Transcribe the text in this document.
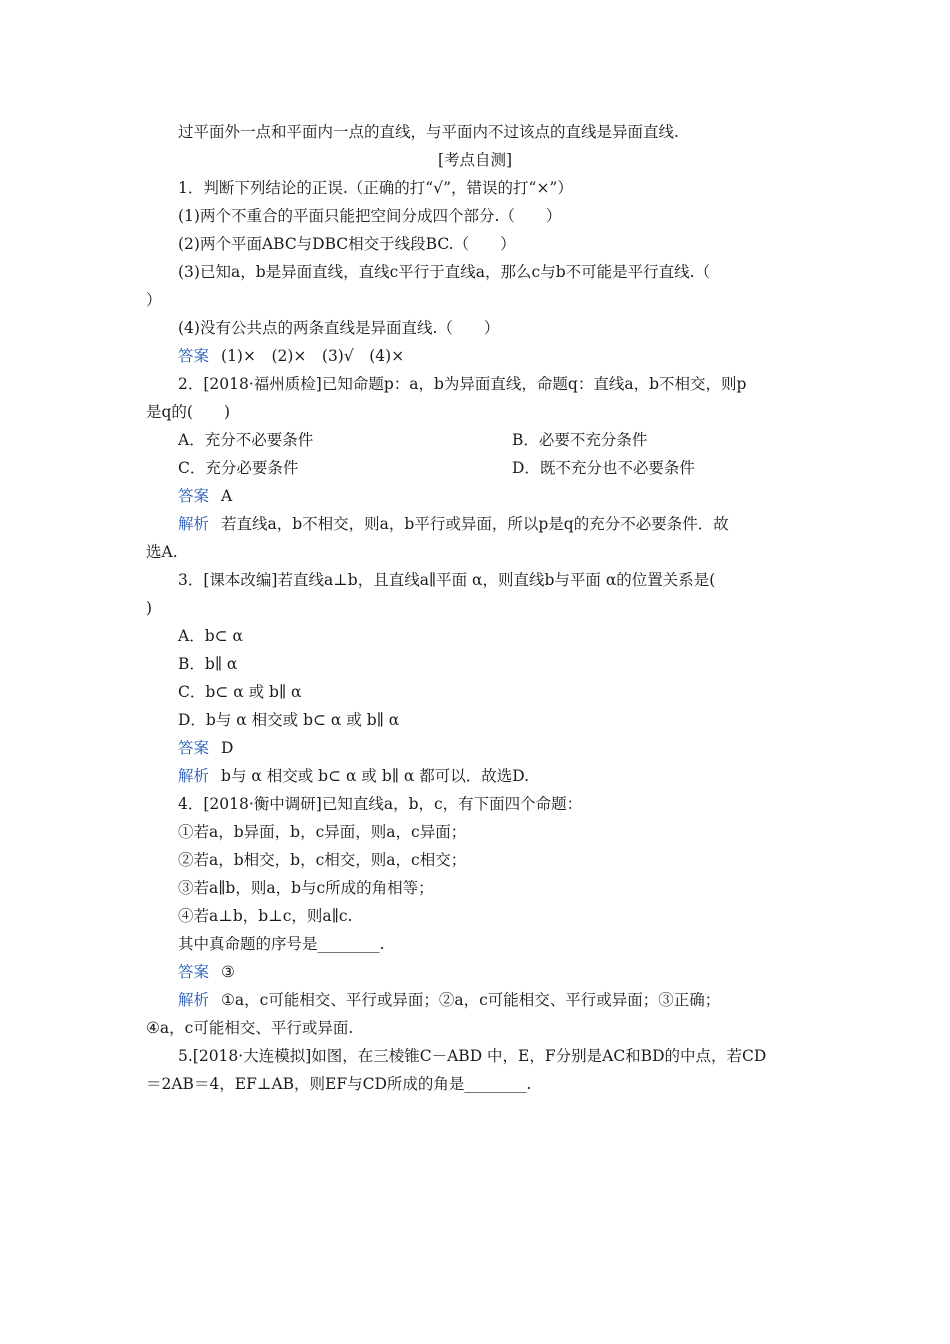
过平面外一点和平面内一点的直线，与平面内不过该点的直线是异面直线.
[考点自测]
1．判断下列结论的正误.（正确的打“√”，错误的打“×”）
(1)两个不重合的平面只能把空间分成四个部分.（　　）
(2)两个平面ABC与DBC相交于线段BC.（　　）
(3)已知a，b是异面直线，直线c平行于直线a，那么c与b不可能是平行直线.（
）
(4)没有公共点的两条直线是异面直线.（　　）
答案 (1)×　(2)×　(3)√　(4)×
2．[2018·福州质检]已知命题p：a，b为异面直线，命题q：直线a，b不相交，则p
是q的(　　)
A．充分不必要条件	B．必要不充分条件
C．充分必要条件	D．既不充分也不必要条件
答案 A
解析 若直线a，b不相交，则a，b平行或异面，所以p是q的充分不必要条件．故
选A.
3．[课本改编]若直线a⊥b，且直线a∥平面 α，则直线b与平面 α的位置关系是(
)
A．b⊂ α
B．b∥ α
C．b⊂ α 或 b∥ α
D．b与 α 相交或 b⊂ α 或 b∥ α
答案 D
解析 b与 α 相交或 b⊂ α 或 b∥ α 都可以．故选D.
4．[2018·衡中调研]已知直线a，b，c，有下面四个命题：
①若a，b异面，b，c异面，则a，c异面；
②若a，b相交，b，c相交，则a，c相交；
③若a∥b，则a，b与c所成的角相等；
④若a⊥b，b⊥c，则a∥c.
其中真命题的序号是________.
答案 ③
解析 ①a，c可能相交、平行或异面；②a，c可能相交、平行或异面；③正确；
④a，c可能相交、平行或异面.
5.[2018·大连模拟]如图，在三棱锥C－ABD 中，E，F分别是AC和BD的中点，若CD
＝2AB＝4，EF⊥AB，则EF与CD所成的角是________.
